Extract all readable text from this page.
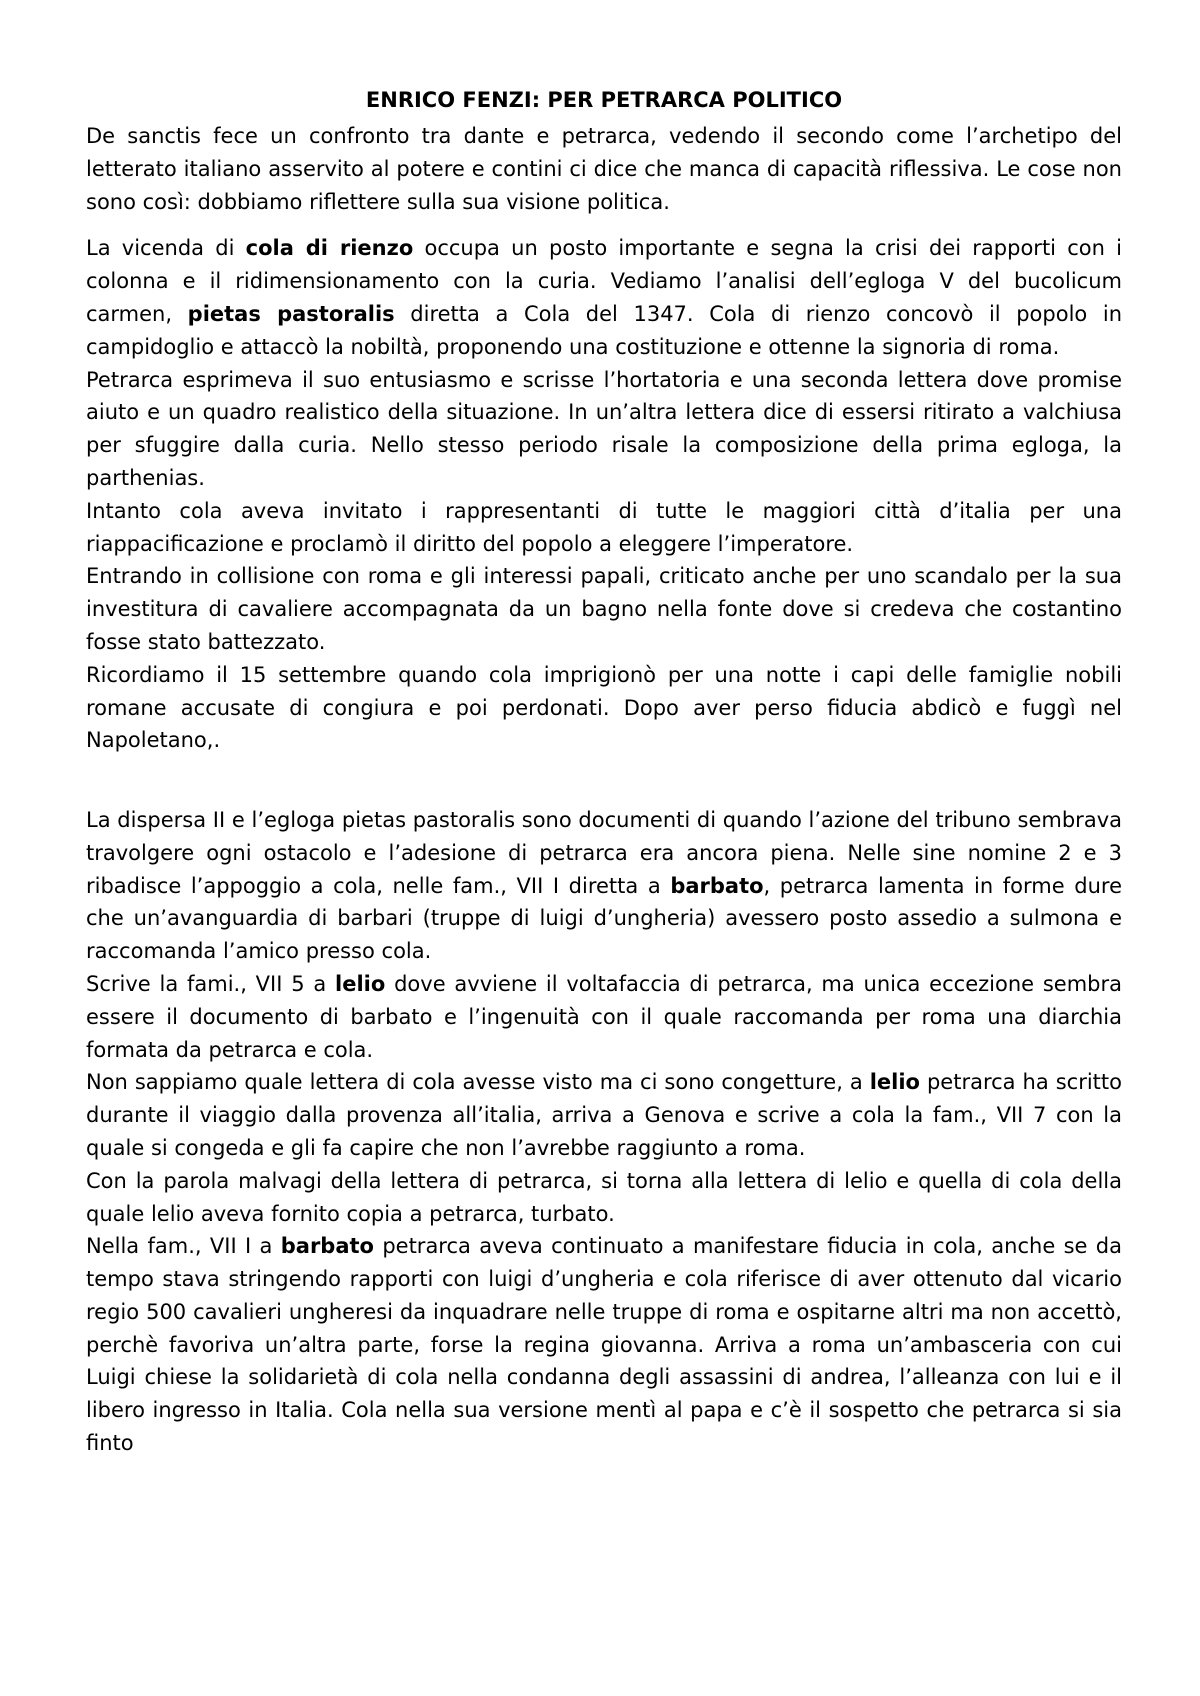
ENRICO FENZI: PER PETRARCA POLITICO

De sanctis fece un confronto tra dante e petrarca, vedendo il secondo come l’archetipo del letterato italiano asservito al potere e contini ci dice che manca di capacità riflessiva. Le cose non sono così: dobbiamo riflettere sulla sua visione politica.

La vicenda di cola di rienzo occupa un posto importante e segna la crisi dei rapporti con i colonna e il ridimensionamento con la curia. Vediamo l’analisi dell’egloga V del bucolicum carmen, pietas pastoralis diretta a Cola del 1347. Cola di rienzo concovò il popolo in campidoglio e attaccò la nobiltà, proponendo una costituzione e ottenne la signoria di roma.

Petrarca esprimeva il suo entusiasmo e scrisse l’hortatoria e una seconda lettera dove promise aiuto e un quadro realistico della situazione. In un’altra lettera dice di essersi ritirato a valchiusa per sfuggire dalla curia. Nello stesso periodo risale la composizione della prima egloga, la parthenias.

Intanto cola aveva invitato i rappresentanti di tutte le maggiori città d’italia per una riappacificazione e proclamò il diritto del popolo a eleggere l’imperatore.

Entrando in collisione con roma e gli interessi papali, criticato anche per uno scandalo per la sua investitura di cavaliere accompagnata da un bagno nella fonte dove si credeva che costantino fosse stato battezzato.

Ricordiamo il 15 settembre quando cola imprigionò per una notte i capi delle famiglie nobili romane accusate di congiura e poi perdonati. Dopo aver perso fiducia abdicò e fuggì nel Napoletano,.

La dispersa II e l’egloga pietas pastoralis sono documenti di quando l’azione del tribuno sembrava travolgere ogni ostacolo e l’adesione di petrarca era ancora piena. Nelle sine nomine 2 e 3 ribadisce l’appoggio a cola, nelle fam., VII I diretta a barbato, petrarca lamenta in forme dure che un’avanguardia di barbari (truppe di luigi d’ungheria) avessero posto assedio a sulmona e raccomanda l’amico presso cola.

Scrive la fami., VII 5 a lelio dove avviene il voltafaccia di petrarca, ma unica eccezione sembra essere il documento di barbato e l’ingenuità con il quale raccomanda per roma una diarchia formata da petrarca e cola.

Non sappiamo quale lettera di cola avesse visto ma ci sono congetture, a lelio petrarca ha scritto durante il viaggio dalla provenza all’italia, arriva a Genova e scrive a cola la fam., VII 7 con la quale si congeda e gli fa capire che non l’avrebbe raggiunto a roma.

Con la parola malvagi della lettera di petrarca, si torna alla lettera di lelio e quella di cola della quale lelio aveva fornito copia a petrarca, turbato.

Nella fam., VII I a barbato petrarca aveva continuato a manifestare fiducia in cola, anche se da tempo stava stringendo rapporti con luigi d’ungheria e cola riferisce di aver ottenuto dal vicario regio 500 cavalieri ungheresi da inquadrare nelle truppe di roma e ospitarne altri ma non accettò, perchè favoriva un’altra parte, forse la regina giovanna. Arriva a roma un’ambasceria con cui Luigi chiese la solidarietà di cola nella condanna degli assassini di andrea, l’alleanza con lui e il libero ingresso in Italia. Cola nella sua versione mentì al papa e c’è il sospetto che petrarca si sia finto
